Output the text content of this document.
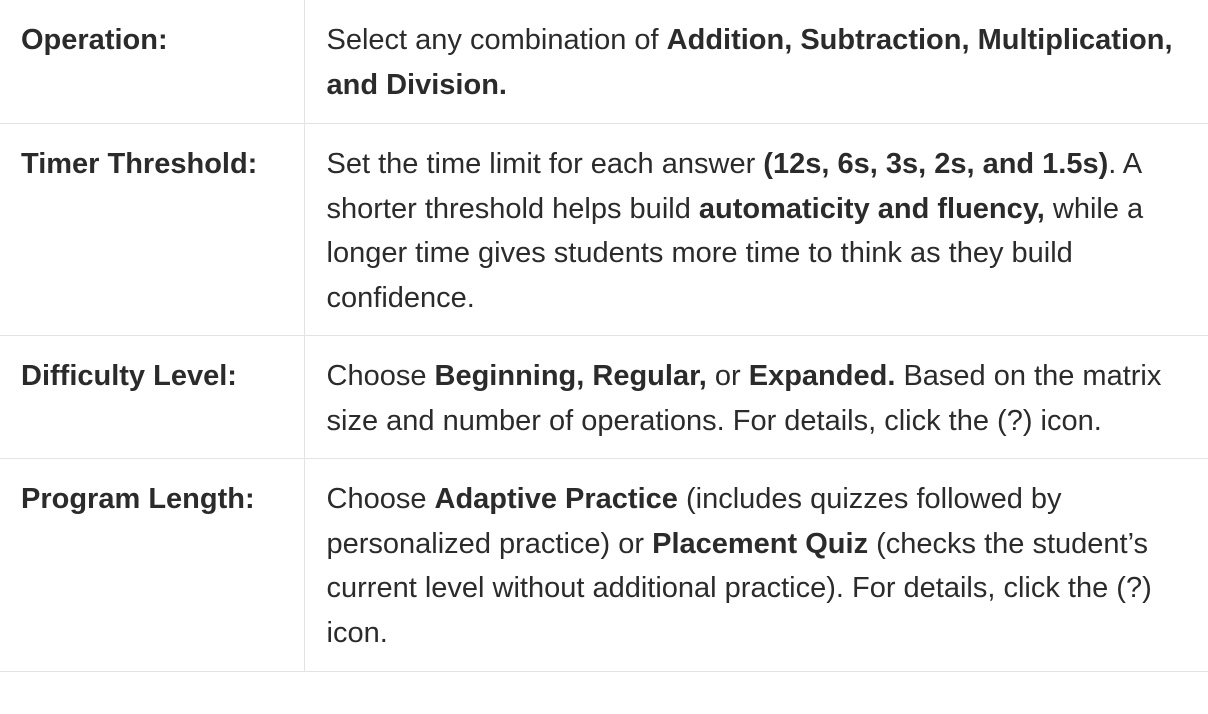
Operation:	Select any combination of Addition, Subtraction, Multiplication, and Division.

Timer Threshold:	Set the time limit for each answer (12s, 6s, 3s, 2s, and 1.5s). A shorter threshold helps build automaticity and fluency, while a longer time gives students more time to think as they build confidence.

Difficulty Level:	Choose Beginning, Regular, or Expanded. Based on the matrix size and number of operations. For details, click the (?) icon.

Program Length:	Choose Adaptive Practice (includes quizzes followed by personalized practice) or Placement Quiz (checks the student’s current level without additional practice). For details, click the (?) icon.
